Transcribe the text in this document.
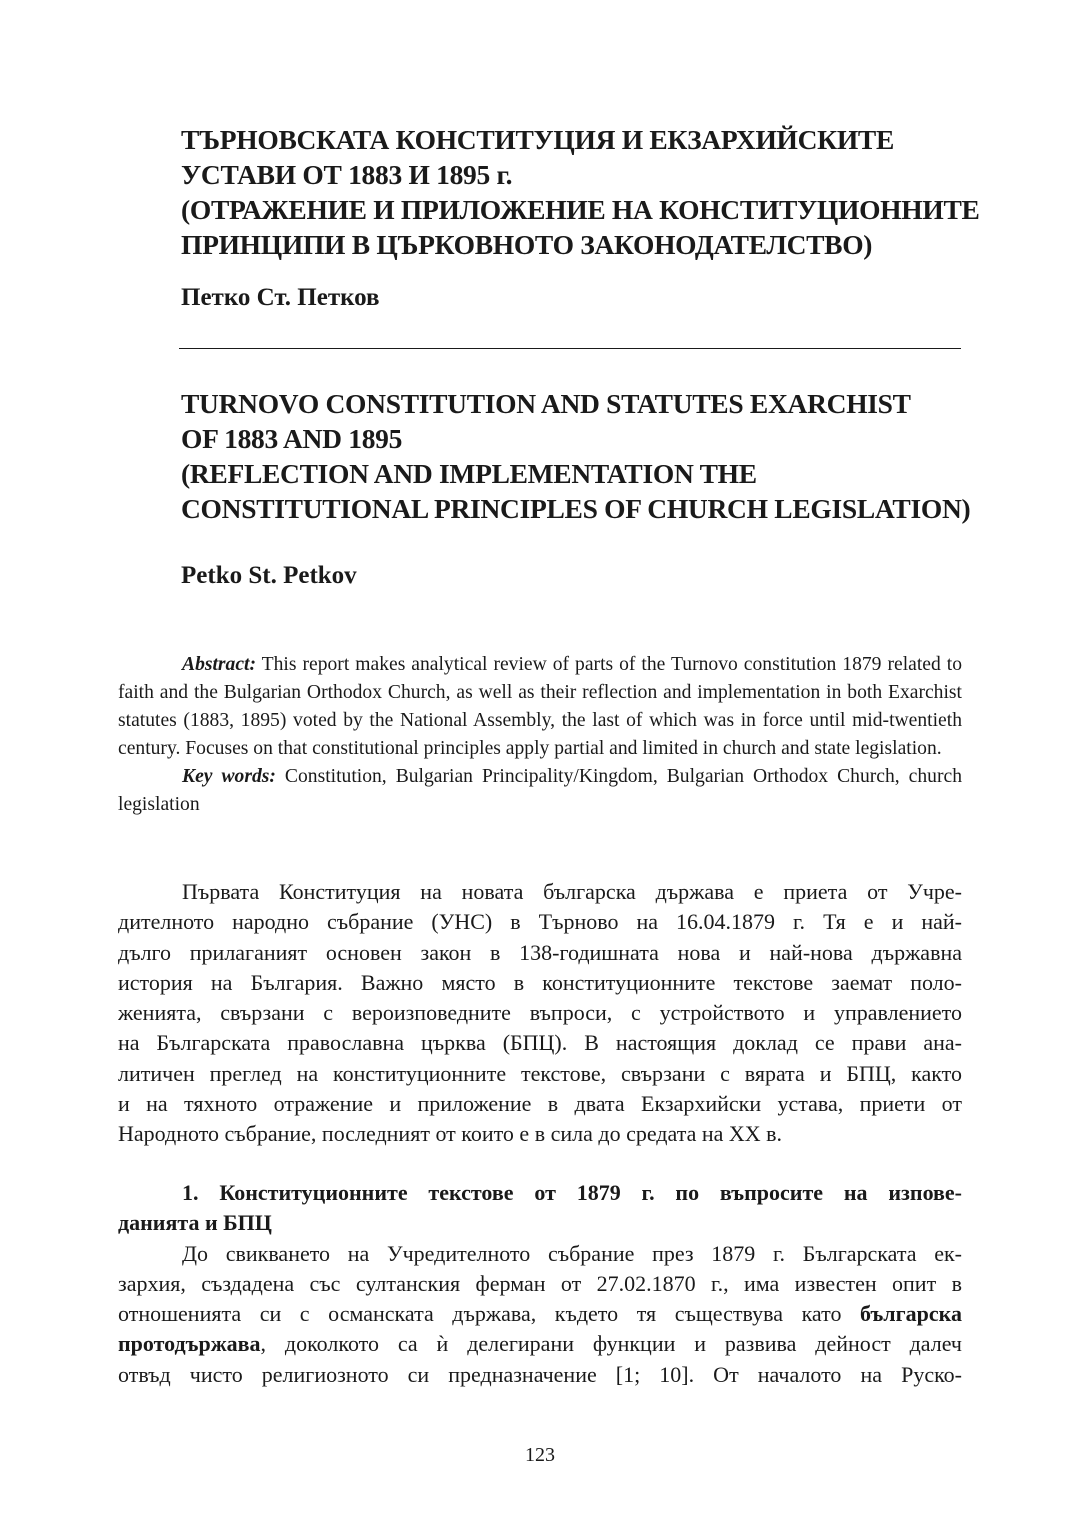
ТЪРНОВСКАТА КОНСТИТУЦИЯ И ЕКЗАРХИЙСКИТЕ

УСТАВИ ОТ 1883 И 1895 г.

(ОТРАЖЕНИЕ И ПРИЛОЖЕНИЕ НА КОНСТИТУЦИОННИТЕ

ПРИНЦИПИ В ЦЪРКОВНОТО ЗАКОНОДАТЕЛСТВО)

Петко Ст. Петков

TURNOVO CONSTITUTION AND STATUTES EXARCHIST

OF 1883 AND 1895

(REFLECTION AND IMPLEMENTATION THE

CONSTITUTIONAL PRINCIPLES OF CHURCH LEGISLATION)

Petko St. Petkov

Abstract: This report makes analytical review of parts of the Turnovo constitution 1879 related to faith and the Bulgarian Orthodox Church, as well as their reflection and implementation in both Exarchist statutes (1883, 1895) voted by the National Assembly, the last of which was in force until mid-twentieth century. Focuses on that constitutional principles apply partial and limited in church and state legislation.

Key words: Constitution, Bulgarian Principality/Kingdom, Bulgarian Orthodox Church, church legislation

Първата Конституция на новата българска държава е приета от Учре-
дителното народно събрание (УНС) в Търново на 16.04.1879 г. Тя е и най-
дълго прилаганият основен закон в 138-годишната нова и най-нова държавна
история на България. Важно място в конституционните текстове заемат поло-
женията, свързани с вероизповедните въпроси, с устройството и управлението
на Българската православна църква (БПЦ). В настоящия доклад се прави ана-
литичен преглед на конституционните текстове, свързани с вярата и БПЦ, както
и на тяхното отражение и приложение в двата Екзархийски устава, приети от
Народното събрание, последният от които е в сила до средата на XX в.
1. Конституционните текстове от 1879 г. по въпросите на изпове-
данията и БПЦ
До свикването на Учредителното събрание през 1879 г. Българската ек-
зархия, създадена със султанския ферман от 27.02.1870 г., има известен опит в
отношенията си с османската държава, където тя съществува като българска
протодържава, доколкото са ѝ делегирани функции и развива дейност далеч
отвъд чисто религиозното си предназначение [1; 10]. От началото на Руско-
123
